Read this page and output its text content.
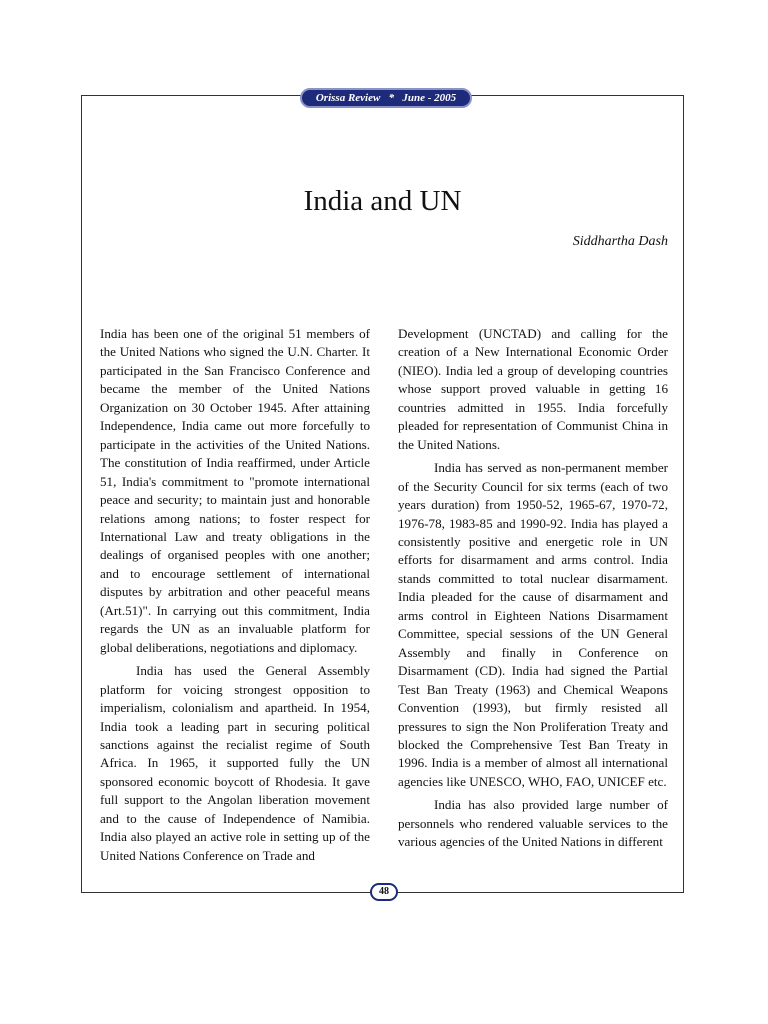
Orissa Review * June - 2005
India and UN
Siddhartha Dash

India has been one of the original 51 members of the United Nations who signed the U.N. Charter. It participated in the San Francisco Conference and became the member of the United Nations Organization on 30 October 1945. After attaining Independence, India came out more forcefully to participate in the activities of the United Nations. The constitution of India reaffirmed, under Article 51, India's commitment to "promote international peace and security; to maintain just and honorable relations among nations; to foster respect for International Law and treaty obligations in the dealings of organised peoples with one another; and to encourage settlement of international disputes by arbitration and other peaceful means (Art.51)". In carrying out this commitment, India regards the UN as an invaluable platform for global deliberations, negotiations and diplomacy.

India has used the General Assembly platform for voicing strongest opposition to imperialism, colonialism and apartheid. In 1954, India took a leading part in securing political sanctions against the recialist regime of South Africa. In 1965, it supported fully the UN sponsored economic boycott of Rhodesia. It gave full support to the Angolan liberation movement and to the cause of Independence of Namibia. India also played an active role in setting up of the United Nations Conference on Trade and

Development (UNCTAD) and calling for the creation of a New International Economic Order (NIEO). India led a group of developing countries whose support proved valuable in getting 16 countries admitted in 1955. India forcefully pleaded for representation of Communist China in the United Nations.

India has served as non-permanent member of the Security Council for six terms (each of two years duration) from 1950-52, 1965-67, 1970-72, 1976-78, 1983-85 and 1990-92. India has played a consistently positive and energetic role in UN efforts for disarmament and arms control. India stands committed to total nuclear disarmament. India pleaded for the cause of disarmament and arms control in Eighteen Nations Disarmament Committee, special sessions of the UN General Assembly and finally in Conference on Disarmament (CD). India had signed the Partial Test Ban Treaty (1963) and Chemical Weapons Convention (1993), but firmly resisted all pressures to sign the Non Proliferation Treaty and blocked the Comprehensive Test Ban Treaty in 1996. India is a member of almost all international agencies like UNESCO, WHO, FAO, UNICEF etc.

India has also provided large number of personnels who rendered valuable services to the various agencies of the United Nations in different

48
